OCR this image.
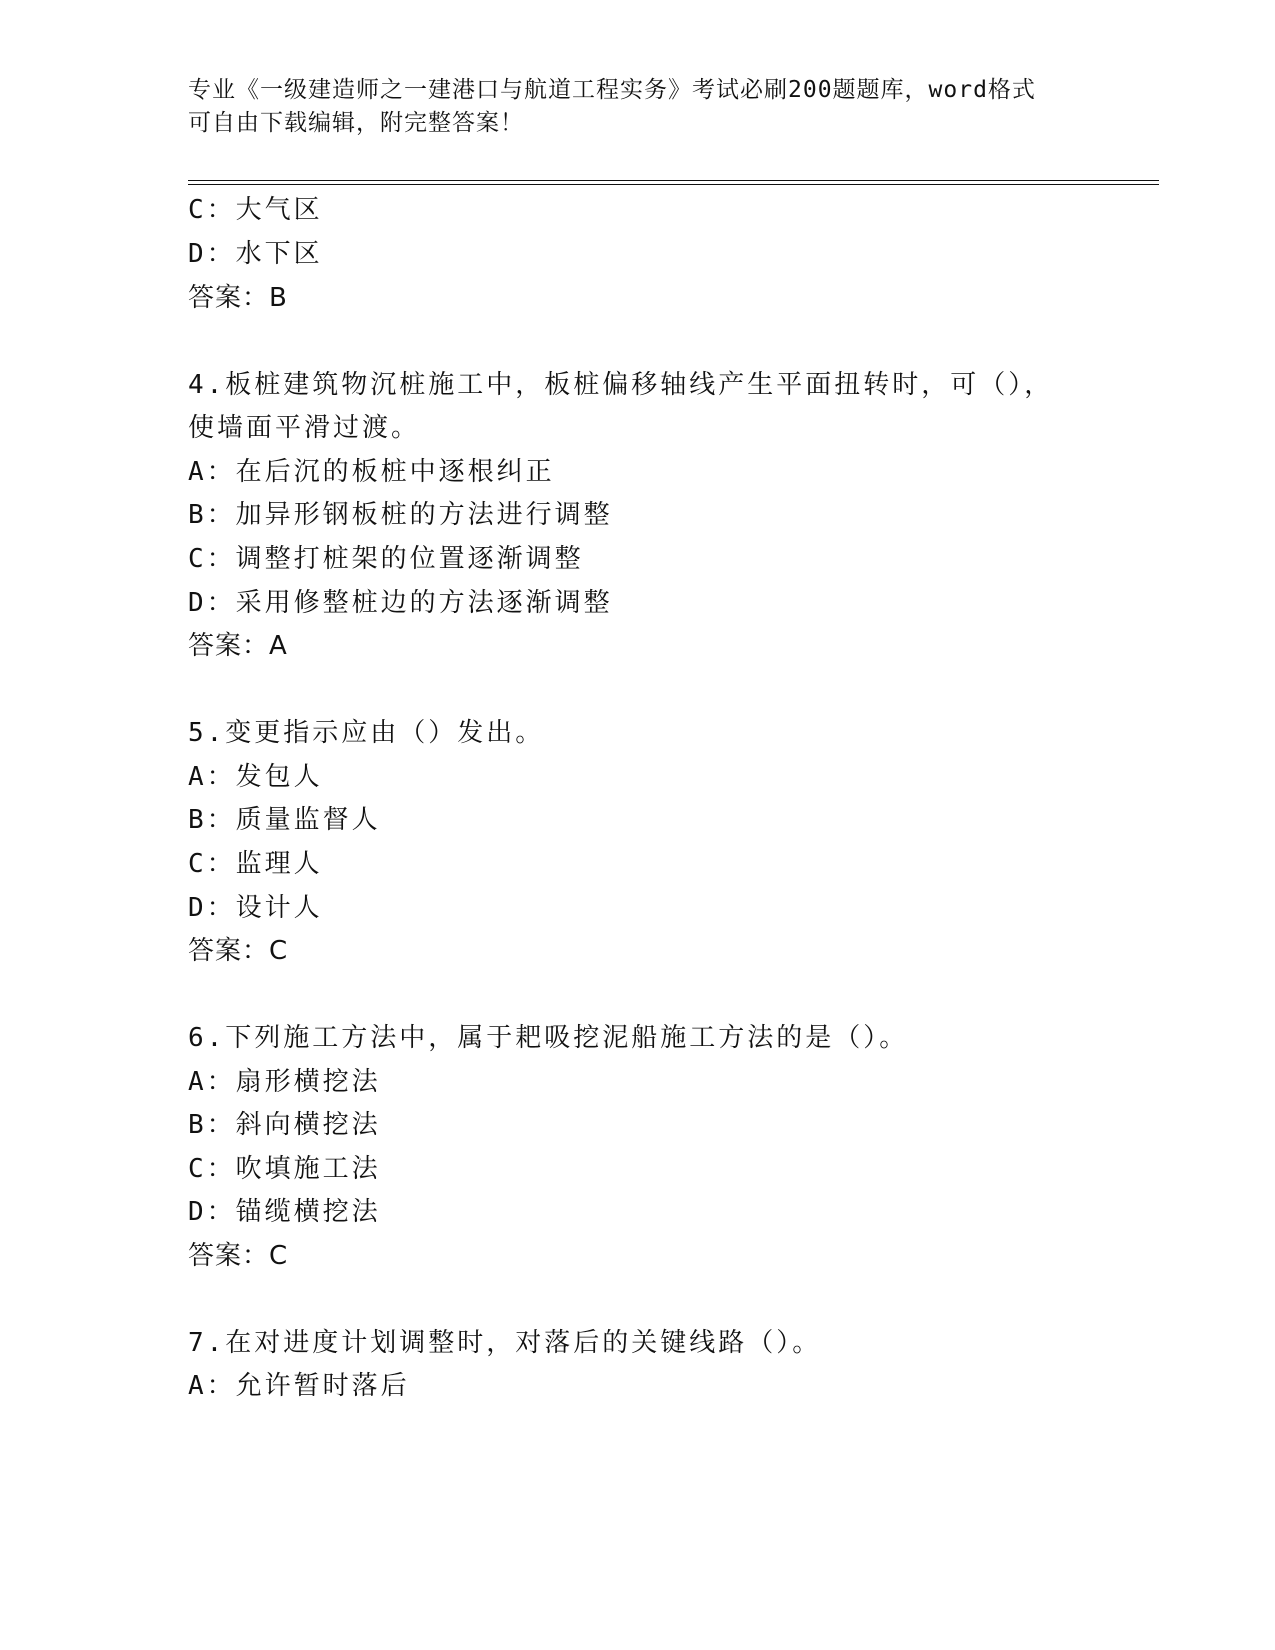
专业《一级建造师之一建港口与航道工程实务》考试必刷200题题库，word格式
可自由下载编辑，附完整答案！
C：大气区
D：水下区
答案：B
4.板桩建筑物沉桩施工中，板桩偏移轴线产生平面扭转时，可（），
使墙面平滑过渡。
A：在后沉的板桩中逐根纠正
B：加异形钢板桩的方法进行调整
C：调整打桩架的位置逐渐调整
D：采用修整桩边的方法逐渐调整
答案：A
5.变更指示应由（）发出。
A：发包人
B：质量监督人
C：监理人
D：设计人
答案：C
6.下列施工方法中，属于耙吸挖泥船施工方法的是（）。
A：扇形横挖法
B：斜向横挖法
C：吹填施工法
D：锚缆横挖法
答案：C
7.在对进度计划调整时，对落后的关键线路（）。
A：允许暂时落后
